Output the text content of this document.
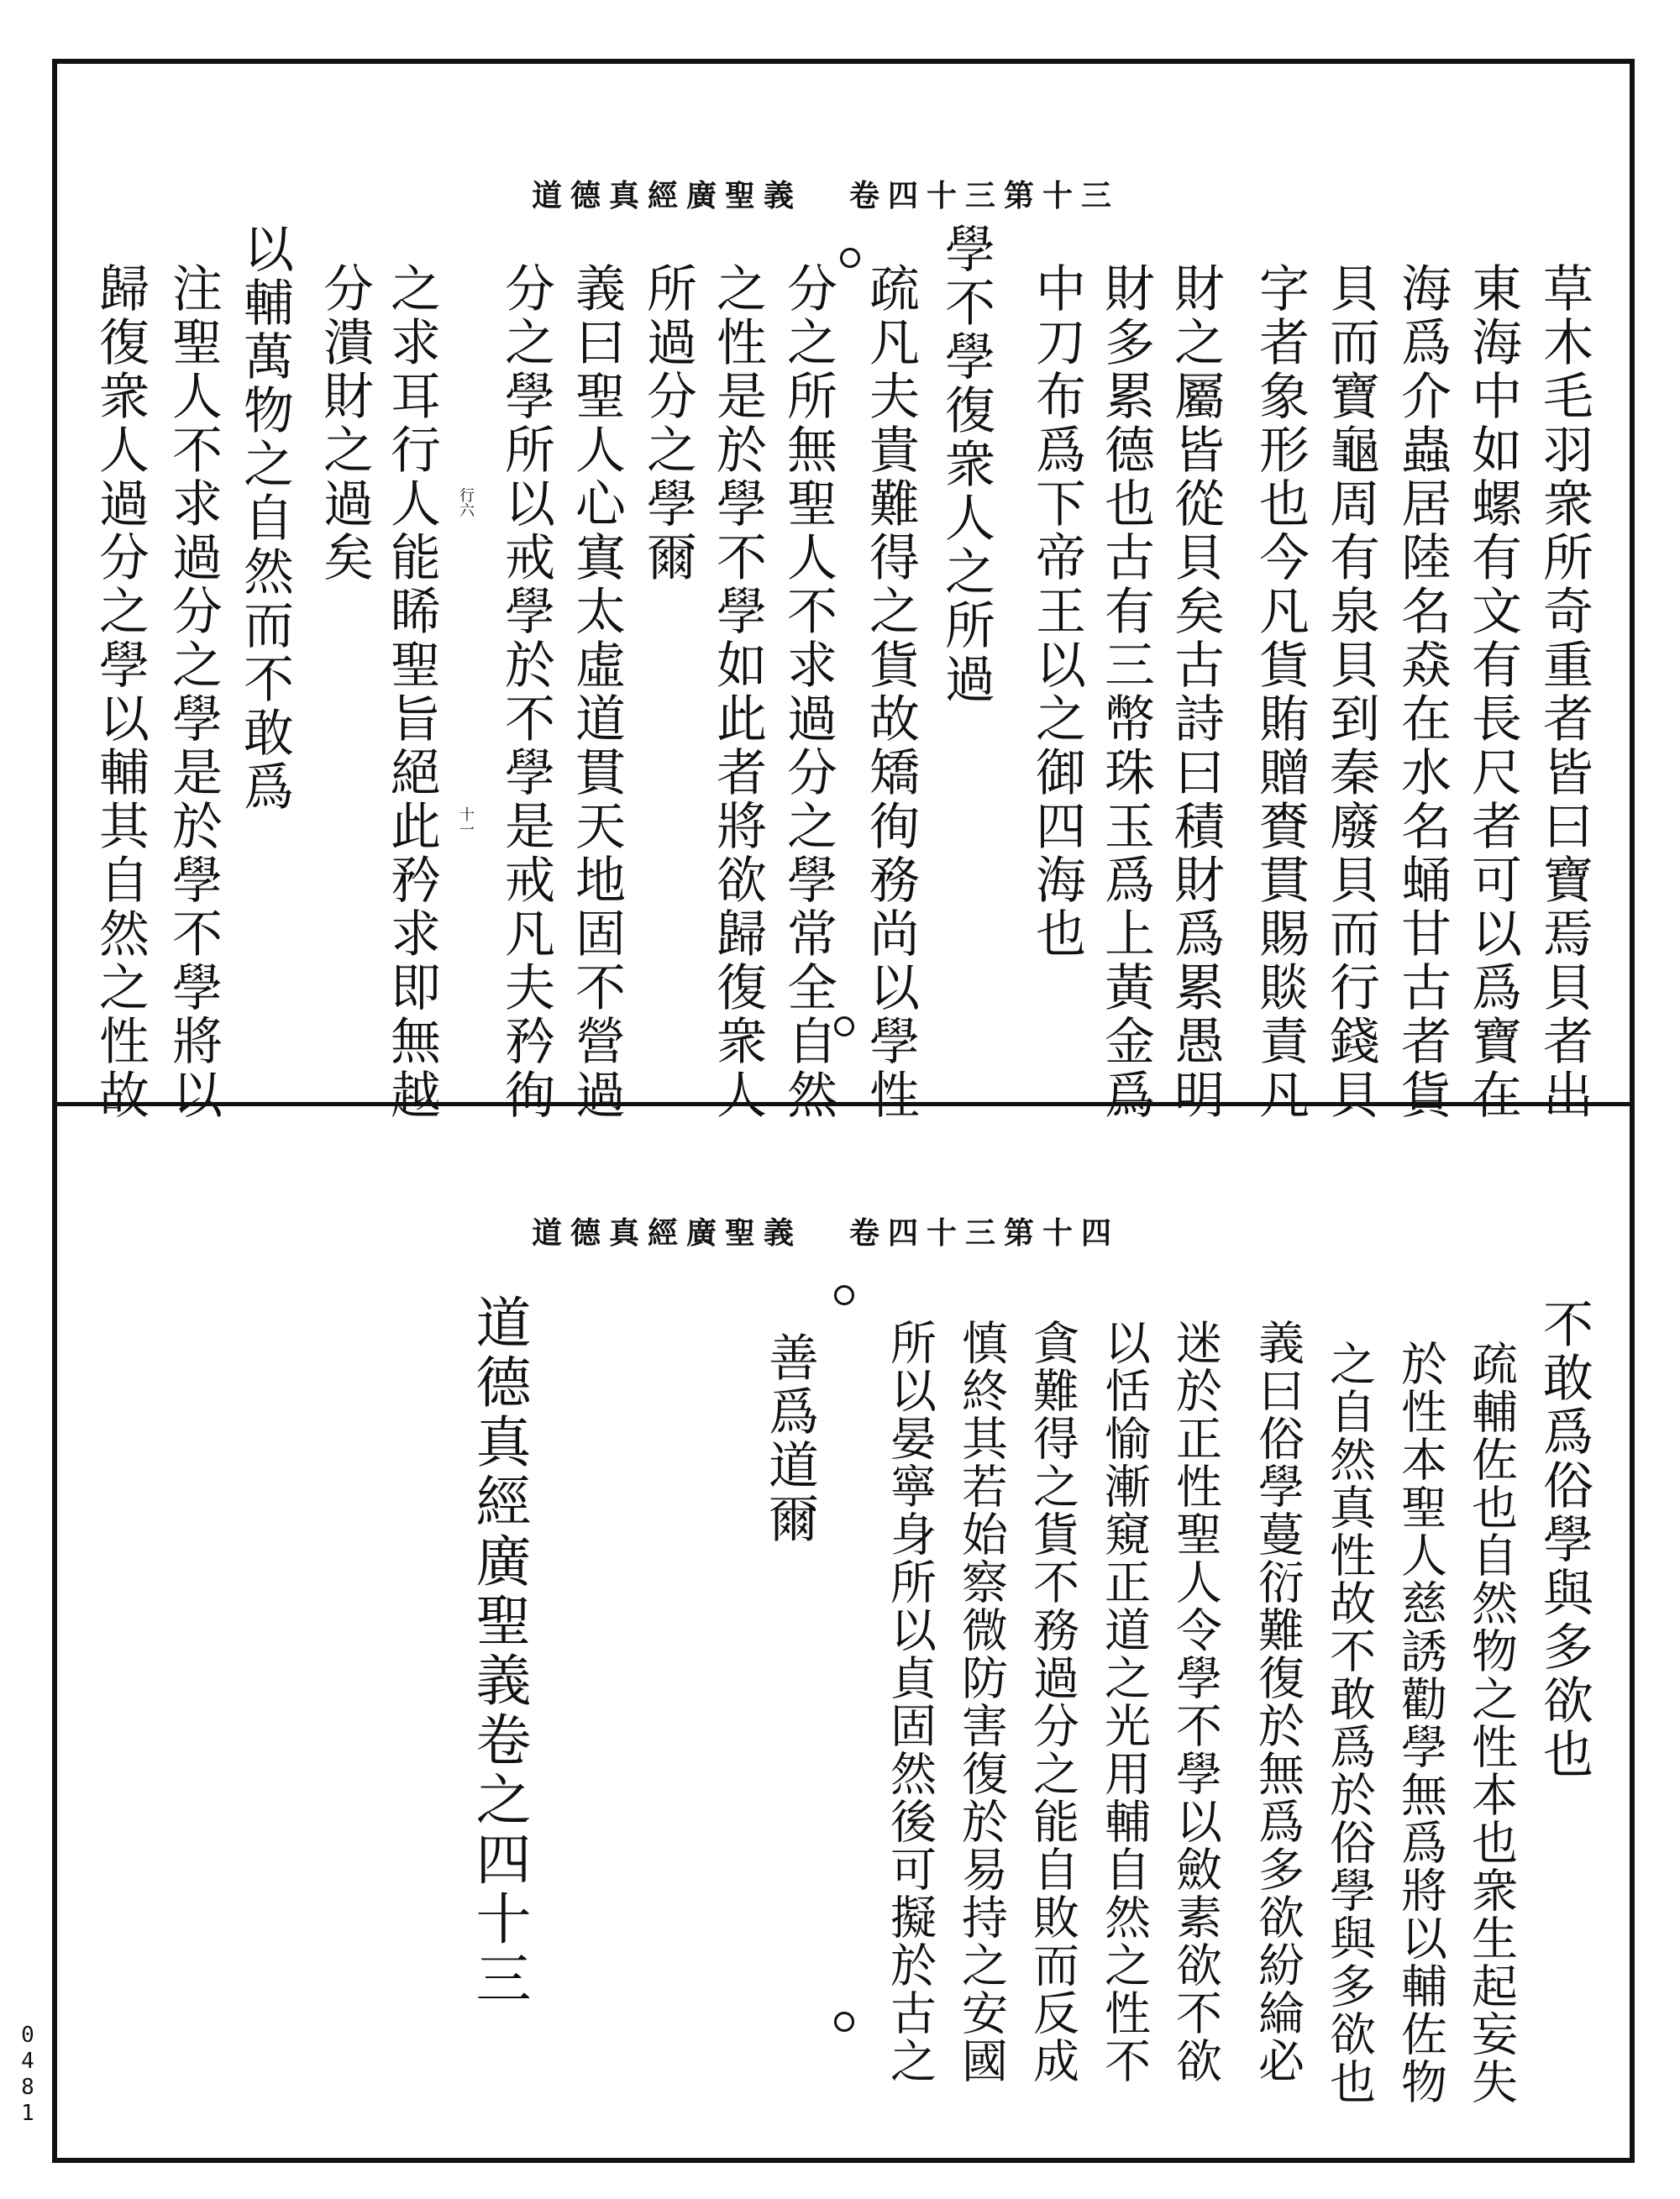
道德真經廣聖義 卷四十三第十三
草木毛羽衆所奇重者皆曰寶焉貝者出
東海中如螺有文有長尺者可以爲寶在
海爲介蟲居陸名猋在水名蛹甘古者貨
貝而寶龜周有泉貝到秦廢貝而行錢貝
字者象形也今凡貨賄贈賚貫賜賧責凡
財之屬皆從貝矣古詩曰積財爲累愚明
財多累德也古有三幣珠玉爲上黃金爲
中刀布爲下帝王以之御四海也
學不學復衆人之所過
疏凡夫貴難得之貨故矯徇務尚以學性
分之所無聖人不求過分之學常全自然
之性是於學不學如此者將欲歸復衆人
所過分之學爾
義曰聖人心寘太虛道貫天地固不營過
分之學所以戒學於不學是戒凡夫矜徇
行六
十一
之求耳行人能睎聖旨絕此矜求即無越
分潰財之過矣
以輔萬物之自然而不敢爲
注聖人不求過分之學是於學不學將以
歸復衆人過分之學以輔其自然之性故
道德真經廣聖義 卷四十三第十四
不敢爲俗學與多欲也
疏輔佐也自然物之性本也衆生起妄失
於性本聖人慈誘勸學無爲將以輔佐物
之自然真性故不敢爲於俗學與多欲也
義曰俗學蔓衍難復於無爲多欲紛綸必
迷於正性聖人令學不學以斂素欲不欲
以恬愉漸窺正道之光用輔自然之性不
貪難得之貨不務過分之能自敗而反成
慎終其若始察微防害復於易持之安國
所以晏寧身所以貞固然後可擬於古之
善爲道爾
道德真經廣聖義卷之四十三
0481
